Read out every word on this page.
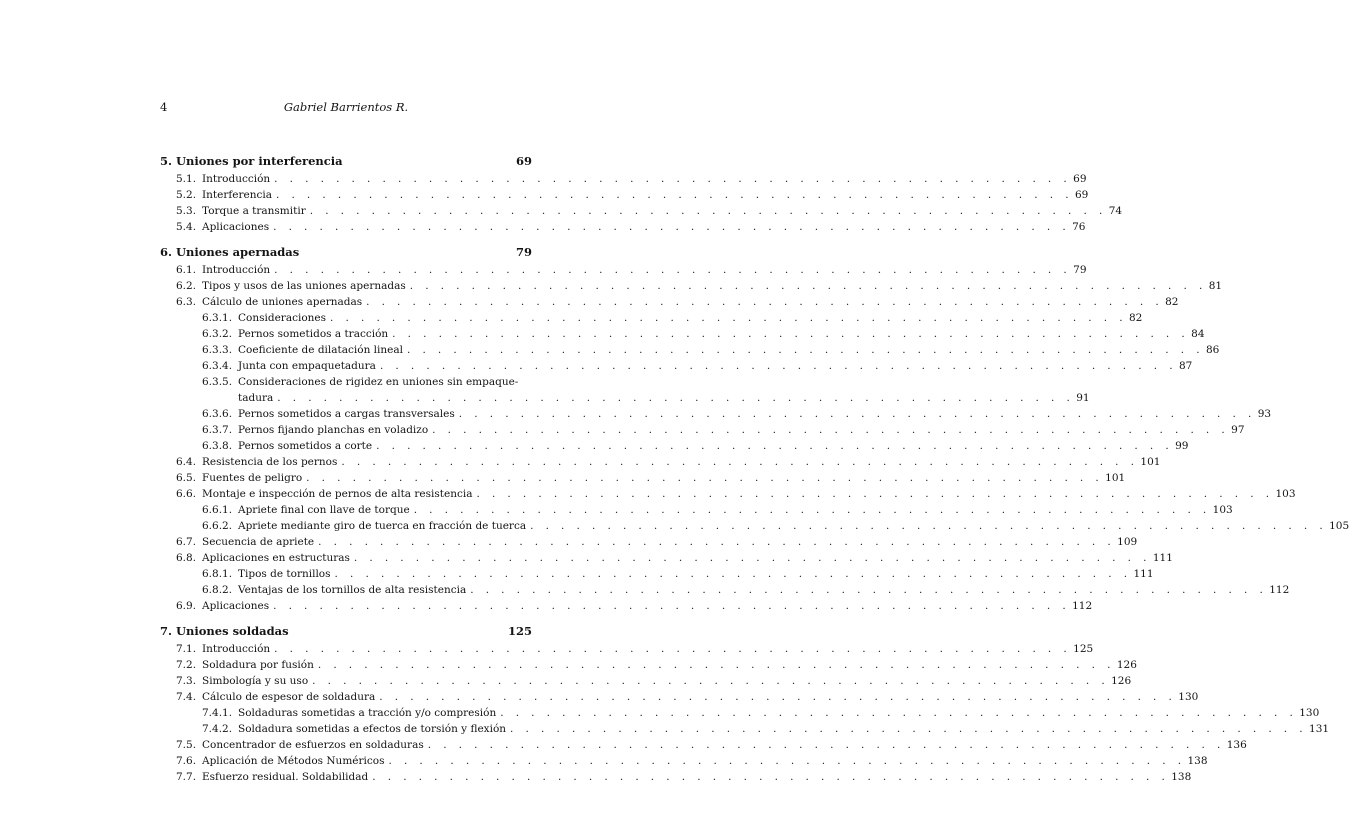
4	Gabriel Barrientos R.
5. Uniones por interferencia	69
5.1. Introducción . . . . . . . . . . . . . . . . . . . . . . . . . . . . . . . . . . . . . . . . . . . . . . . . . . . . 69
5.2. Interferencia . . . . . . . . . . . . . . . . . . . . . . . . . . . . . . . . . . . . . . . . . . . . . . . . . . . . 69
5.3. Torque a transmitir . . . . . . . . . . . . . . . . . . . . . . . . . . . . . . . . . . . . . . . . . . . . . . . . . . . . 74
5.4. Aplicaciones . . . . . . . . . . . . . . . . . . . . . . . . . . . . . . . . . . . . . . . . . . . . . . . . . . . . 76
6. Uniones apernadas	79
6.1. Introducción . . . . . . . . . . . . . . . . . . . . . . . . . . . . . . . . . . . . . . . . . . . . . . . . . . . . 79
6.2. Tipos y usos de las uniones apernadas . . . . . . . . . . . . . . . . . . . . . . . . . . . . . . . . . . . . . . . . . . . . . . . . . . . . 81
6.3. Cálculo de uniones apernadas . . . . . . . . . . . . . . . . . . . . . . . . . . . . . . . . . . . . . . . . . . . . . . . . . . . . 82
6.3.1. Consideraciones . . . . . . . . . . . . . . . . . . . . . . . . . . . . . . . . . . . . . . . . . . . . . . . . . . . . 82
6.3.2. Pernos sometidos a tracción . . . . . . . . . . . . . . . . . . . . . . . . . . . . . . . . . . . . . . . . . . . . . . . . . . . . 84
6.3.3. Coeficiente de dilatación lineal . . . . . . . . . . . . . . . . . . . . . . . . . . . . . . . . . . . . . . . . . . . . . . . . . . . . 86
6.3.4. Junta con empaquetadura . . . . . . . . . . . . . . . . . . . . . . . . . . . . . . . . . . . . . . . . . . . . . . . . . . . . 87
6.3.5. Consideraciones de rigidez en uniones sin empaque-
tadura . . . . . . . . . . . . . . . . . . . . . . . . . . . . . . . . . . . . . . . . . . . . . . . . . . . . 91
6.3.6. Pernos sometidos a cargas transversales . . . . . . . . . . . . . . . . . . . . . . . . . . . . . . . . . . . . . . . . . . . . . . . . . . . . 93
6.3.7. Pernos fijando planchas en voladizo . . . . . . . . . . . . . . . . . . . . . . . . . . . . . . . . . . . . . . . . . . . . . . . . . . . . 97
6.3.8. Pernos sometidos a corte . . . . . . . . . . . . . . . . . . . . . . . . . . . . . . . . . . . . . . . . . . . . . . . . . . . . 99
6.4. Resistencia de los pernos . . . . . . . . . . . . . . . . . . . . . . . . . . . . . . . . . . . . . . . . . . . . . . . . . . . . 101
6.5. Fuentes de peligro . . . . . . . . . . . . . . . . . . . . . . . . . . . . . . . . . . . . . . . . . . . . . . . . . . . . 101
6.6. Montaje e inspección de pernos de alta resistencia . . . . . . . . . . . . . . . . . . . . . . . . . . . . . . . . . . . . . . . . . . . . . . . . . . . . 103
6.6.1. Apriete final con llave de torque . . . . . . . . . . . . . . . . . . . . . . . . . . . . . . . . . . . . . . . . . . . . . . . . . . . . 103
6.6.2. Apriete mediante giro de tuerca en fracción de tuerca . . . . . . . . . . . . . . . . . . . . . . . . . . . . . . . . . . . . . . . . . . . . . . . . . . . . 105
6.7. Secuencia de apriete . . . . . . . . . . . . . . . . . . . . . . . . . . . . . . . . . . . . . . . . . . . . . . . . . . . . 109
6.8. Aplicaciones en estructuras . . . . . . . . . . . . . . . . . . . . . . . . . . . . . . . . . . . . . . . . . . . . . . . . . . . . 111
6.8.1. Tipos de tornillos . . . . . . . . . . . . . . . . . . . . . . . . . . . . . . . . . . . . . . . . . . . . . . . . . . . . 111
6.8.2. Ventajas de los tornillos de alta resistencia . . . . . . . . . . . . . . . . . . . . . . . . . . . . . . . . . . . . . . . . . . . . . . . . . . . . 112
6.9. Aplicaciones . . . . . . . . . . . . . . . . . . . . . . . . . . . . . . . . . . . . . . . . . . . . . . . . . . . . 112
7. Uniones soldadas	125
7.1. Introducción . . . . . . . . . . . . . . . . . . . . . . . . . . . . . . . . . . . . . . . . . . . . . . . . . . . . 125
7.2. Soldadura por fusión . . . . . . . . . . . . . . . . . . . . . . . . . . . . . . . . . . . . . . . . . . . . . . . . . . . . 126
7.3. Simbología y su uso . . . . . . . . . . . . . . . . . . . . . . . . . . . . . . . . . . . . . . . . . . . . . . . . . . . . 126
7.4. Cálculo de espesor de soldadura . . . . . . . . . . . . . . . . . . . . . . . . . . . . . . . . . . . . . . . . . . . . . . . . . . . . 130
7.4.1. Soldaduras sometidas a tracción y/o compresión . . . . . . . . . . . . . . . . . . . . . . . . . . . . . . . . . . . . . . . . . . . . . . . . . . . . 130
7.4.2. Soldadura sometidas a efectos de torsión y flexión . . . . . . . . . . . . . . . . . . . . . . . . . . . . . . . . . . . . . . . . . . . . . . . . . . . . 131
7.5. Concentrador de esfuerzos en soldaduras . . . . . . . . . . . . . . . . . . . . . . . . . . . . . . . . . . . . . . . . . . . . . . . . . . . . 136
7.6. Aplicación de Métodos Numéricos . . . . . . . . . . . . . . . . . . . . . . . . . . . . . . . . . . . . . . . . . . . . . . . . . . . . 138
7.7. Esfuerzo residual. Soldabilidad . . . . . . . . . . . . . . . . . . . . . . . . . . . . . . . . . . . . . . . . . . . . . . . . . . . . 138
